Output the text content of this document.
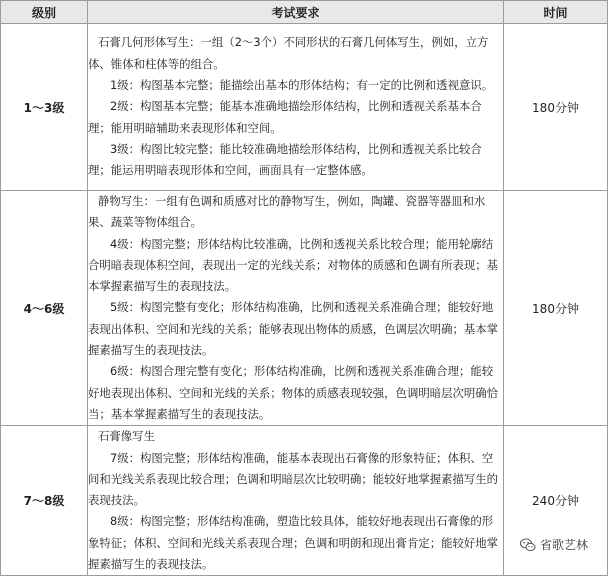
级别	考试要求	时间
1～3级	石膏几何形体写生：一组（2～3个）不同形状的石膏几何体写生，例如，立方体、锥体和柱体等的组合。

1级：构图基本完整；能描绘出基本的形体结构；有一定的比例和透视意识。

2级：构图基本完整；能基本准确地描绘形体结构，比例和透视关系基本合理；能用明暗辅助来表现形体和空间。

3级：构图比较完整；能比较准确地描绘形体结构，比例和透视关系比较合理；能运用明暗表现形体和空间，画面具有一定整体感。	180分钟
4～6级	静物写生：一组有色调和质感对比的静物写生，例如，陶罐、瓷器等器皿和水果、蔬菜等物体组合。

4级：构图完整；形体结构比较准确，比例和透视关系比较合理；能用轮廓结合明暗表现体积空间，表现出一定的光线关系；对物体的质感和色调有所表现；基本掌握素描写生的表现技法。

5级：构图完整有变化；形体结构准确，比例和透视关系准确合理；能较好地表现出体积、空间和光线的关系；能够表现出物体的质感，色调层次明确；基本掌握素描写生的表现技法。

6级：构图合理完整有变化；形体结构准确，比例和透视关系准确合理；能较好地表现出体积、空间和光线的关系；物体的质感表现较强，色调明暗层次明确恰当；基本掌握素描写生的表现技法。	180分钟
7～8级	石膏像写生

7级：构图完整；形体结构准确，能基本表现出石膏像的形象特征；体积、空间和光线关系表现比较合理；色调和明暗层次比较明确；能较好地掌握素描写生的表现技法。

8级：构图完整；形体结构准确，塑造比较具体，能较好地表现出石膏像的形象特征；体积、空间和光线关系表现合理；色调和明朗和现出膏肯定；能较好地掌握素描写生的表现技法。	240分钟
省歌艺林
